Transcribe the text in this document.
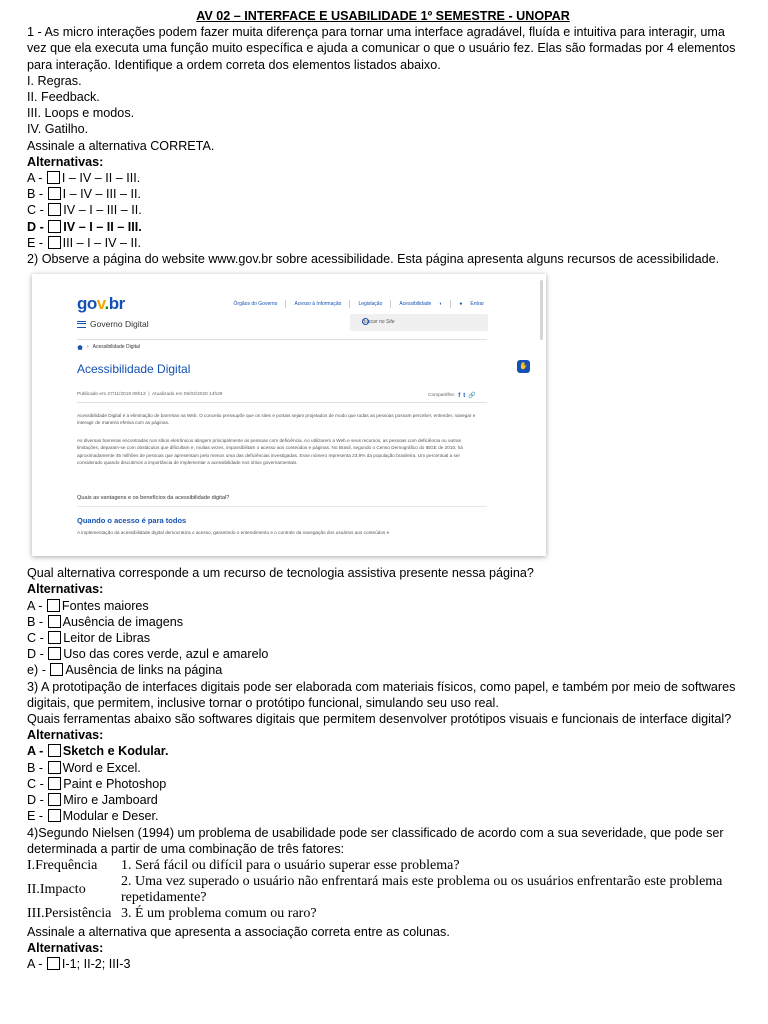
AV 02 – INTERFACE E USABILIDADE 1º SEMESTRE - UNOPAR
1 - As micro interações podem fazer muita diferença para tornar uma interface agradável, fluída e intuitiva para interagir, uma vez que ela executa uma função muito específica e ajuda a comunicar o que o usuário fez. Elas são formadas por 4 elementos para interação. Identifique a ordem correta dos elementos listados abaixo.
I. Regras.
II. Feedback.
III. Loops e modos.
IV. Gatilho.
Assinale a alternativa CORRETA.
Alternativas:
A - I – IV – II – III.
B - I – IV – III – II.
C - IV – I – III – II.
D - IV – I – II – III.
E - III – I – IV – II.
2) Observe a página do website www.gov.br sobre acessibilidade. Esta página apresenta alguns recursos de acessibilidade.
gov.br	Órgãos do Governo	Acesso à Informação	Legislação	Acessibilidade ◐	● Entrar
Governo Digital	Buscar no Site
› Acessibilidade Digital
Acessibilidade Digital	✋
Publicado em 27/11/2019 09h13  |  Atualizado em 06/02/2020 14h29	Compartilhe: f t 🔗
Acessibilidade Digital é a eliminação de barreiras na Web. O conceito pressupõe que os sites e portais sejam projetados de modo que todas as pessoas possam perceber, entender, navegar e interagir de maneira efetiva com as páginas.
As diversas barreiras encontradas nos sítios eletrônicos atingem principalmente as pessoas com deficiência. Ao utilizarem a Web e seus recursos, as pessoas com deficiência ou outras limitações, deparam-se com obstáculos que dificultam e, muitas vezes, impossibilitam o acesso aos conteúdos e páginas. No Brasil, segundo o Censo Demográfico do IBGE de 2010, há aproximadamente 45 milhões de pessoas que apresentam pelo menos uma das deficiências investigadas. Esse número representa 23,9% da população brasileira. Um percentual a ser considerado quando discutimos a importância de implementar a acessibilidade nos sítios governamentais.
Quais as vantagens e os benefícios da acessibilidade digital?
Quando o acesso é para todos
A implementação da acessibilidade digital democratiza o acesso, garantindo o entendimento e o controle da navegação dos usuários aos conteúdos e
Qual alternativa corresponde a um recurso de tecnologia assistiva presente nessa página?
Alternativas:
A - Fontes maiores
B - Ausência de imagens
C - Leitor de Libras
D - Uso das cores verde, azul e amarelo
e) - Ausência de links na página
3) A prototipação de interfaces digitais pode ser elaborada com materiais físicos, como papel, e também por meio de softwares digitais, que permitem, inclusive tornar o protótipo funcional, simulando seu uso real.
Quais ferramentas abaixo são softwares digitais que permitem desenvolver protótipos visuais e funcionais de interface digital?
Alternativas:
A - Sketch e Kodular.
B - Word e Excel.
C - Paint e Photoshop
D - Miro e Jamboard
E - Modular e Deser.
4)Segundo Nielsen (1994) um problema de usabilidade pode ser classificado de acordo com a sua severidade, que pode ser determinada a partir de uma combinação de três fatores:
I.Frequência	1. Será fácil ou difícil para o usuário superar esse problema?
II.Impacto	2. Uma vez superado o usuário não enfrentará mais este problema ou os usuários enfrentarão este problema repetidamente?
III.Persistência	3. É um problema comum ou raro?
Assinale a alternativa que apresenta a associação correta entre as colunas.
Alternativas:
A - I-1; II-2; III-3
